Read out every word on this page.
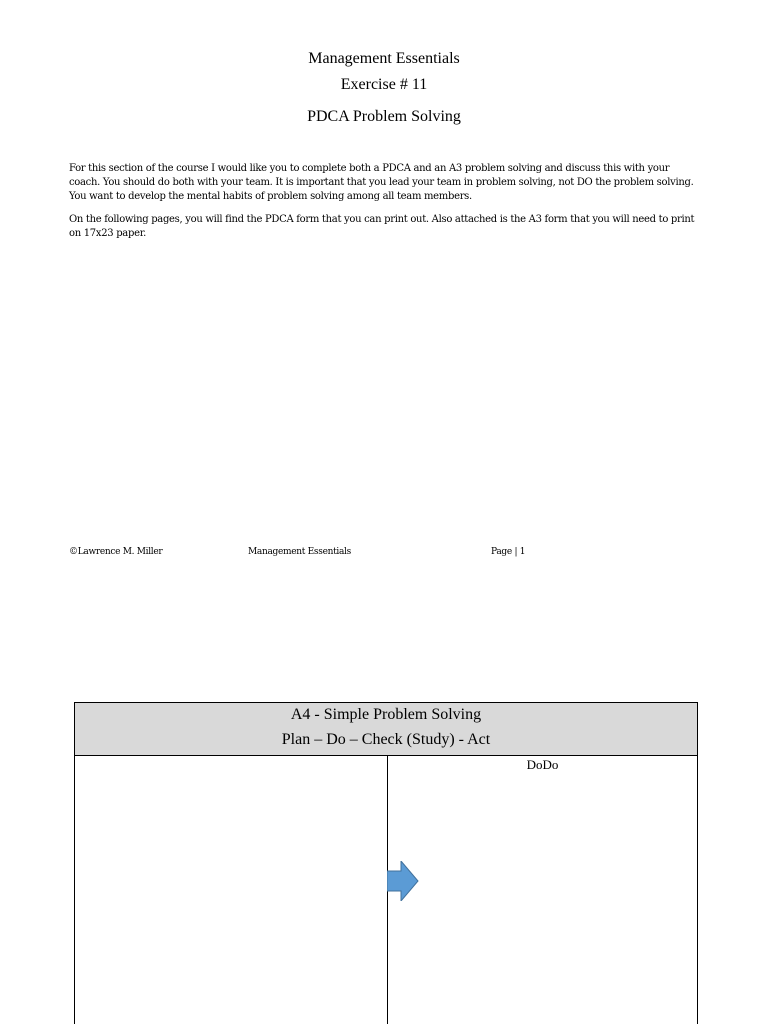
Management Essentials
Exercise # 11
PDCA Problem Solving

For this section of the course I would like you to complete both a PDCA and an A3 problem solving and discuss this with your coach. You should do both with your team. It is important that you lead your team in problem solving, not DO the problem solving. You want to develop the mental habits of problem solving among all team members.

On the following pages, you will find the PDCA form that you can print out. Also attached is the A3 form that you will need to print on 17x23 paper.

©Lawrence M. Miller	Management Essentials	Page | 1
A4 - Simple Problem Solving
Plan – Do – Check (Study) - Act
DoDo
